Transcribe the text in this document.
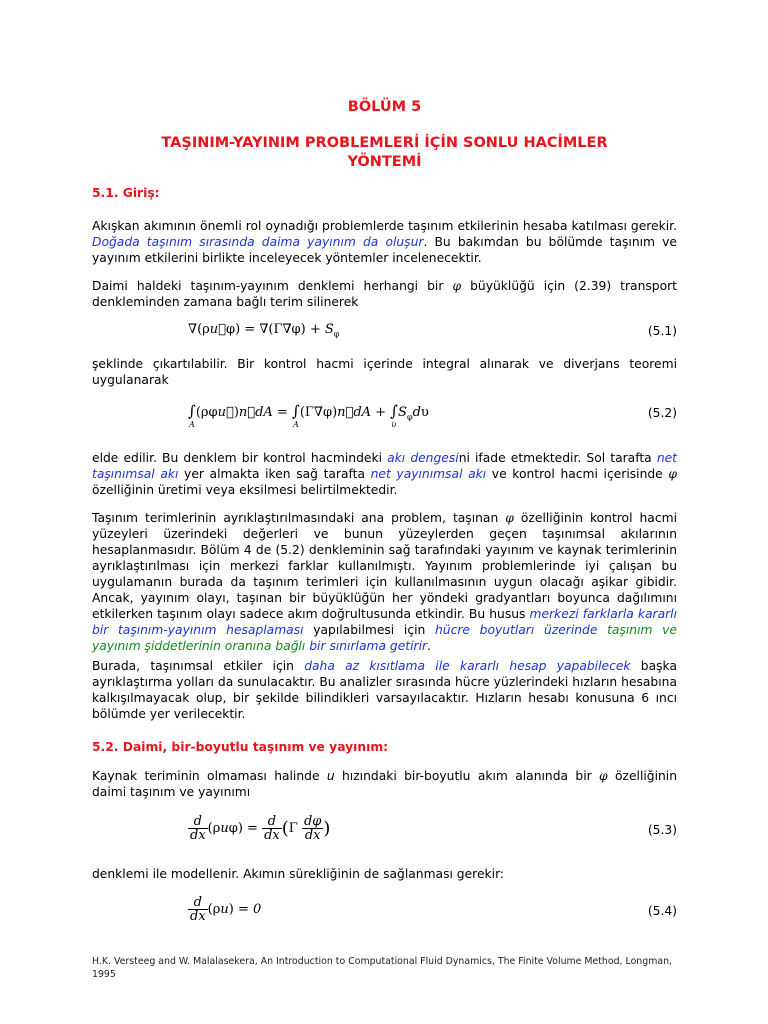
BÖLÜM 5
TAŞINIM-YAYINIM PROBLEMLERİ İÇİN SONLU HACİMLER YÖNTEMİ
5.1. Giriş:

Akışkan akımının önemli rol oynadığı problemlerde taşınım etkilerinin hesaba katılması gerekir. Doğada taşınım sırasında daima yayınım da oluşur. Bu bakımdan bu bölümde taşınım ve yayınım etkilerini birlikte inceleyecek yöntemler incelenecektir.

Daimi haldeki taşınım-yayınım denklemi herhangi bir φ büyüklüğü için (2.39) transport denkleminden zamana bağlı terim silinerek

∇(ρu⃗φ) = $\nabla(\Gamma\nabla\varphi) + S_\varphi$	(5.1)

şeklinde çıkartılabilir. Bir kontrol hacmi içerinde integral alınarak ve diverjans teoremi uygulanarak

∫
A
(ρφu⃗)n⃗dA = ∫
A
(Γ∇φ)n⃗dA + ∫
υ
$S_\varphi d\upsilon$	(5.2)

elde edilir. Bu denklem bir kontrol hacmindeki akı dengesini ifade etmektedir. Sol tarafta net taşınımsal akı yer almakta iken sağ tarafta net yayınımsal akı ve kontrol hacmi içerisinde φ özelliğinin üretimi veya eksilmesi belirtilmektedir.

Taşınım terimlerinin ayrıklaştırılmasındaki ana problem, taşınan φ özelliğinin kontrol hacmi yüzeyleri üzerindeki değerleri ve bunun yüzeylerden geçen taşınımsal akılarının hesaplanmasıdır. Bölüm 4 de (5.2) denkleminin sağ tarafındaki yayınım ve kaynak terimlerinin ayrıklaştırılması için merkezi farklar kullanılmıştı. Yayınım problemlerinde iyi çalışan bu uygulamanın burada da taşınım terimleri için kullanılmasının uygun olacağı aşikar gibidir. Ancak, yayınım olayı, taşınan bir büyüklüğün her yöndeki gradyantları boyunca dağılımını etkilerken taşınım olayı sadece akım doğrultusunda etkindir. Bu husus merkezi farklarla kararlı bir taşınım-yayınım hesaplaması yapılabilmesi için hücre boyutları üzerinde taşınım ve yayınım şiddetlerinin oranına bağlı bir sınırlama getirir.

Burada, taşınımsal etkiler için daha az kısıtlama ile kararlı hesap yapabilecek başka ayrıklaştırma yolları da sunulacaktır. Bu analizler sırasında hücre yüzlerindeki hızların hesabına kalkışılmayacak olup, bir şekilde bilindikleri varsayılacaktır. Hızların hesabı konusuna 6 ıncı bölümde yer verilecektir.

5.2. Daimi, bir-boyutlu taşınım ve yayınım:

Kaynak teriminin olmaması halinde u hızındaki bir-boyutlu akım alanında bir φ özelliğinin daimi taşınım ve yayınımı

$\frac{d}{dx} (\rho u\varphi) = \frac{d}{dx} (\Gamma \frac{d\varphi}{dx}$ )	(5.3)

denklemi ile modellenir. Akımın sürekliğinin de sağlanması gerekir:

$\frac{d}{dx} (\rho u) = 0$	(5.4)
H.K. Versteeg and W. Malalasekera, An Introduction to Computational Fluid Dynamics, The Finite Volume Method, Longman, 1995
